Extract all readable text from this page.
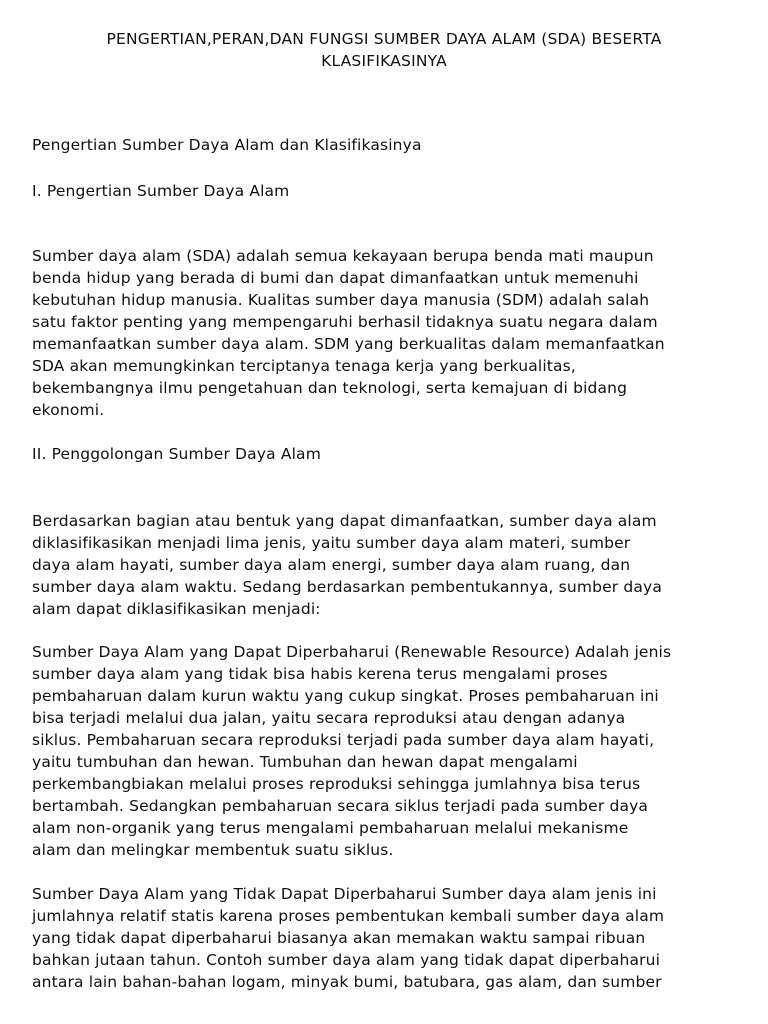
PENGERTIAN,PERAN,DAN FUNGSI SUMBER DAYA ALAM (SDA) BESERTA
KLASIFIKASINYA

Pengertian Sumber Daya Alam dan Klasifikasinya

I. Pengertian Sumber Daya Alam

Sumber daya alam (SDA) adalah semua kekayaan berupa benda mati maupun
benda hidup yang berada di bumi dan dapat dimanfaatkan untuk memenuhi
kebutuhan hidup manusia. Kualitas sumber daya manusia (SDM) adalah salah
satu faktor penting yang mempengaruhi berhasil tidaknya suatu negara dalam
memanfaatkan sumber daya alam. SDM yang berkualitas dalam memanfaatkan
SDA akan memungkinkan terciptanya tenaga kerja yang berkualitas,
bekembangnya ilmu pengetahuan dan teknologi, serta kemajuan di bidang
ekonomi.

II. Penggolongan Sumber Daya Alam

Berdasarkan bagian atau bentuk yang dapat dimanfaatkan, sumber daya alam
diklasifikasikan menjadi lima jenis, yaitu sumber daya alam materi, sumber
daya alam hayati, sumber daya alam energi, sumber daya alam ruang, dan
sumber daya alam waktu. Sedang berdasarkan pembentukannya, sumber daya
alam dapat diklasifikasikan menjadi:

Sumber Daya Alam yang Dapat Diperbaharui (Renewable Resource) Adalah jenis
sumber daya alam yang tidak bisa habis kerena terus mengalami proses
pembaharuan dalam kurun waktu yang cukup singkat. Proses pembaharuan ini
bisa terjadi melalui dua jalan, yaitu secara reproduksi atau dengan adanya
siklus. Pembaharuan secara reproduksi terjadi pada sumber daya alam hayati,
yaitu tumbuhan dan hewan. Tumbuhan dan hewan dapat mengalami
perkembangbiakan melalui proses reproduksi sehingga jumlahnya bisa terus
bertambah. Sedangkan pembaharuan secara siklus terjadi pada sumber daya
alam non-organik yang terus mengalami pembaharuan melalui mekanisme
alam dan melingkar membentuk suatu siklus.

Sumber Daya Alam yang Tidak Dapat Diperbaharui Sumber daya alam jenis ini
jumlahnya relatif statis karena proses pembentukan kembali sumber daya alam
yang tidak dapat diperbaharui biasanya akan memakan waktu sampai ribuan
bahkan jutaan tahun. Contoh sumber daya alam yang tidak dapat diperbaharui
antara lain bahan-bahan logam, minyak bumi, batubara, gas alam, dan sumber
